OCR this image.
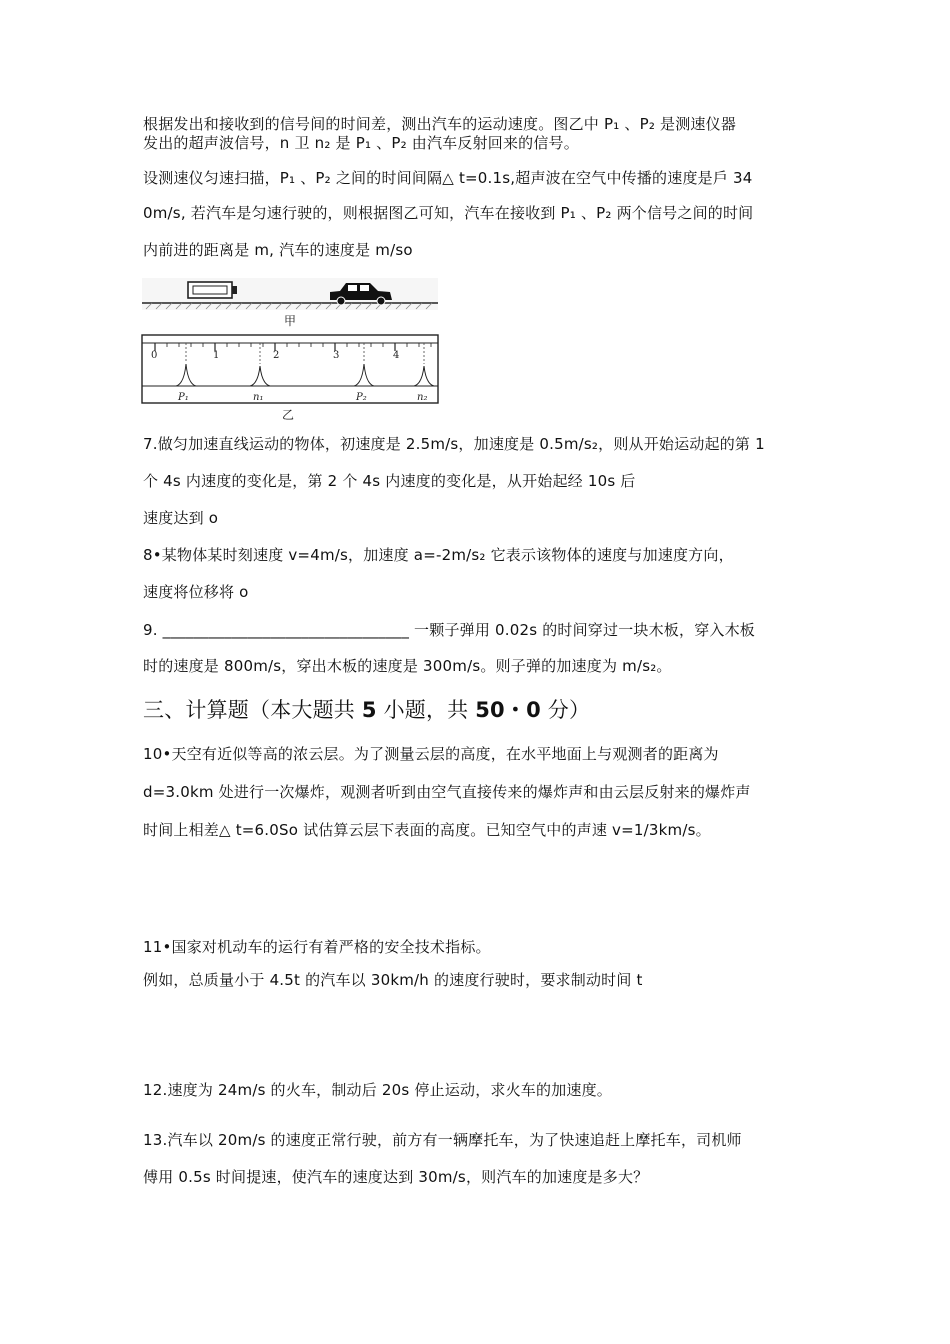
根据发出和接收到的信号间的时间差，测出汽车的运动速度。图乙中 P₁ 、P₂ 是测速仪器
发出的超声波信号，n 卫 n₂ 是 P₁ 、P₂ 由汽车反射回来的信号。
设测速仪匀速扫描，P₁ 、P₂ 之间的时间间隔△ t=0.1s,超声波在空气中传播的速度是戶 34
0m/s, 若汽车是匀速行驶的，则根据图乙可知，汽车在接收到 P₁ 、P₂ 两个信号之间的时间
内前进的距离是 m, 汽车的速度是 m/so
甲
0	1	2	3	4
P₁	n₁	P₂	n₂
乙
7.做匀加速直线运动的物体，初速度是 2.5m/s，加速度是 0.5m/s₂，则从开始运动起的第 1
个 4s 内速度的变化是，第 2 个 4s 内速度的变化是，从开始起经 10s 后
速度达到 o
8•某物体某时刻速度 v=4m/s，加速度 a=-2m/s₂ 它表示该物体的速度与加速度方向，
速度将位移将 o
9. ________________________________ 一颗子弹用 0.02s 的时间穿过一块木板，穿入木板
时的速度是 800m/s，穿出木板的速度是 300m/s。则子弹的加速度为 m/s₂。
三、计算题（本大题共 5 小题，共 50・0 分）
10•天空有近似等高的浓云层。为了测量云层的高度，在水平地面上与观测者的距离为
d=3.0km 处进行一次爆炸，观测者听到由空气直接传来的爆炸声和由云层反射来的爆炸声
时间上相差△ t=6.0So 试估算云层下表面的高度。已知空气中的声速 v=1/3km/s。
11•国家对机动车的运行有着严格的安全技术指标。
例如，总质量小于 4.5t 的汽车以 30km/h 的速度行驶时，要求制动时间 t
12.速度为 24m/s 的火车，制动后 20s 停止运动，求火车的加速度。
13.汽车以 20m/s 的速度正常行驶，前方有一辆摩托车，为了快速追赶上摩托车，司机师
傅用 0.5s 时间提速，使汽车的速度达到 30m/s，则汽车的加速度是多大？
